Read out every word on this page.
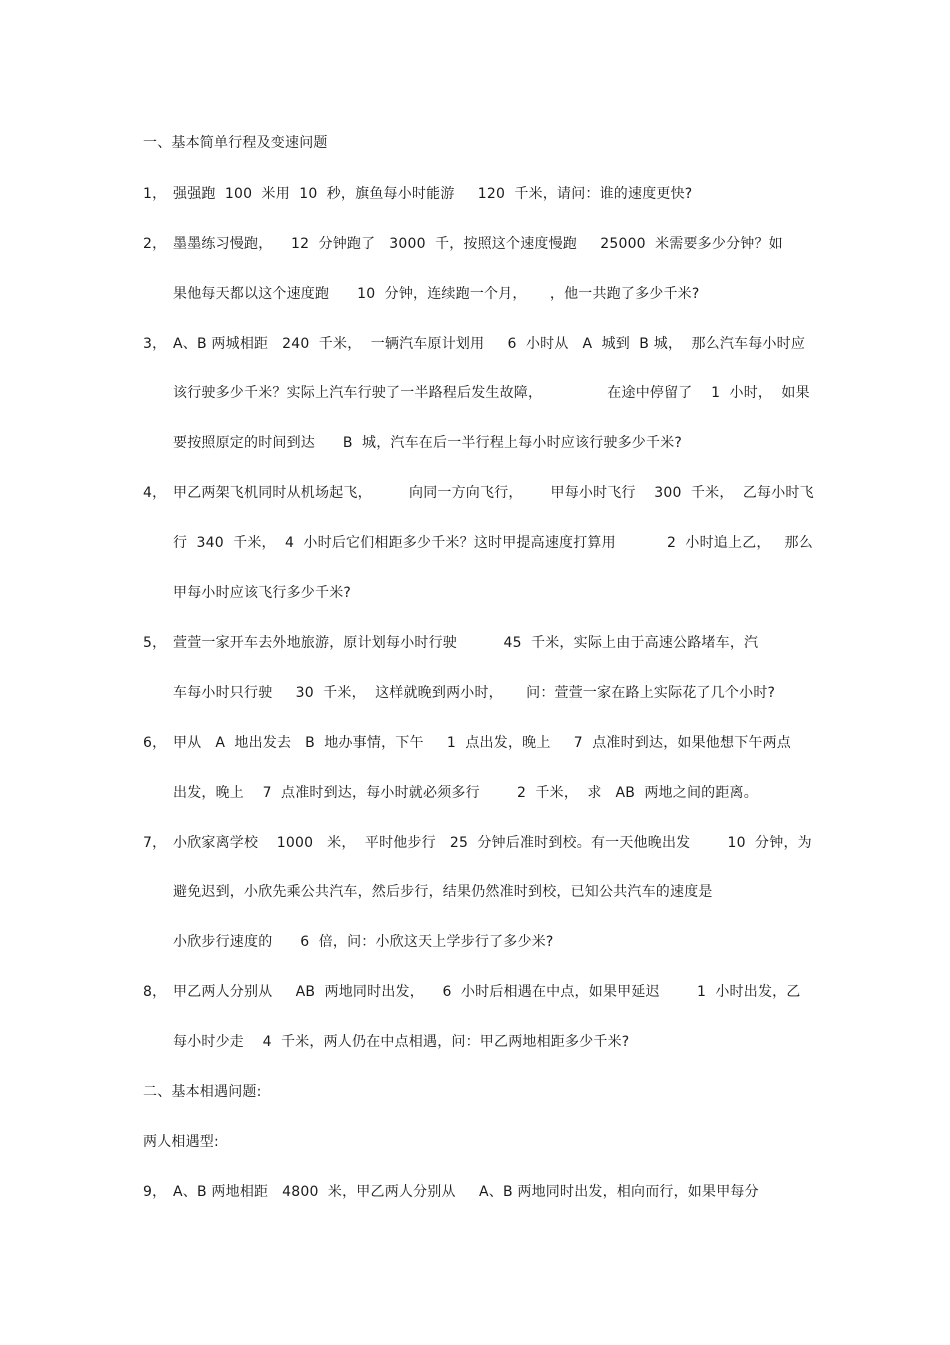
一、基本简单行程及变速问题
1， 强强跑  100  米用  10  秒，旗鱼每小时能游     120  千米，请问：谁的速度更快?
2， 墨墨练习慢跑，    12  分钟跑了   3000  千，按照这个速度慢跑     25000  米需要多少分钟？如
果他每天都以这个速度跑      10  分钟，连续跑一个月，     ，他一共跑了多少千米?
3， A、B 两城相距   240  千米，  一辆汽车原计划用     6  小时从   A  城到  B 城，  那么汽车每小时应
该行驶多少千米？实际上汽车行驶了一半路程后发生故障，              在途中停留了    1  小时，  如果
要按照原定的时间到达      B  城，汽车在后一半行程上每小时应该行驶多少千米?
4， 甲乙两架飞机同时从机场起飞，        向同一方向飞行，      甲每小时飞行    300  千米，  乙每小时飞
行  340  千米，  4  小时后它们相距多少千米？这时甲提高速度打算用           2  小时追上乙，   那么
甲每小时应该飞行多少千米?
5， 萱萱一家开车去外地旅游，原计划每小时行驶          45  千米，实际上由于高速公路堵车，汽
车每小时只行驶     30  千米，  这样就晚到两小时，     问：萱萱一家在路上实际花了几个小时?
6， 甲从   A  地出发去   B  地办事情，下午     1  点出发，晚上     7  点准时到达，如果他想下午两点
出发，晚上    7  点准时到达，每小时就必须多行        2  千米，  求   AB  两地之间的距离。
7， 小欣家离学校    1000   米，  平时他步行   25  分钟后准时到校。有一天他晚出发        10  分钟，为
避免迟到，小欣先乘公共汽车，然后步行，结果仍然准时到校，已知公共汽车的速度是
小欣步行速度的      6  倍，问：小欣这天上学步行了多少米?
8， 甲乙两人分别从     AB  两地同时出发，    6  小时后相遇在中点，如果甲延迟        1  小时出发，乙
每小时少走    4  千米，两人仍在中点相遇，问：甲乙两地相距多少千米?
二、基本相遇问题:
两人相遇型:
9， A、B 两地相距   4800  米，甲乙两人分别从     A、B 两地同时出发，相向而行，如果甲每分
